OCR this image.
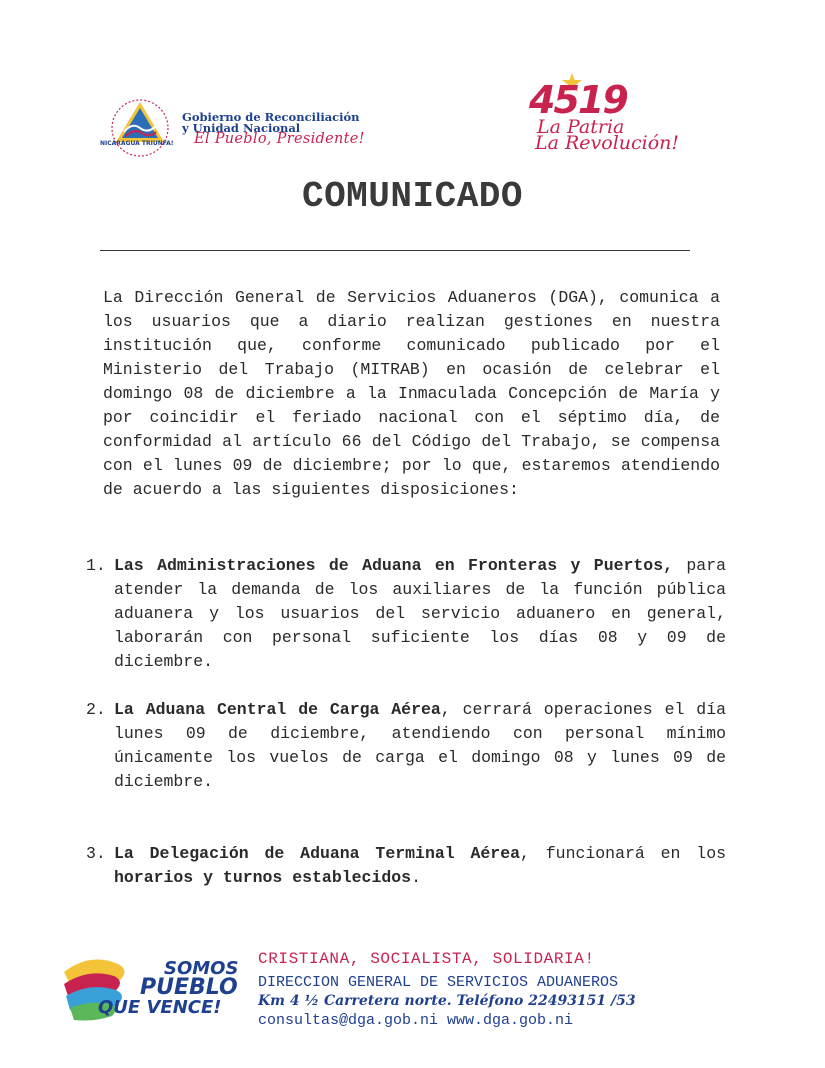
NICARAGUA TRIUNFA!
Gobierno de Reconciliación
y Unidad Nacional
El Pueblo, Presidente!
4519
La Patria
La Revolución!
COMUNICADO
La Dirección General de Servicios Aduaneros (DGA), comunica a los usuarios que a diario realizan gestiones en nuestra institución que, conforme comunicado publicado por el Ministerio del Trabajo (MITRAB) en ocasión de celebrar el domingo 08 de diciembre a la Inmaculada Concepción de María y por coincidir el feriado nacional con el séptimo día, de conformidad al artículo 66 del Código del Trabajo, se compensa con el lunes 09 de diciembre; por lo que, estaremos atendiendo de acuerdo a las siguientes disposiciones:
1. Las Administraciones de Aduana en Fronteras y Puertos, para atender la demanda de los auxiliares de la función pública aduanera y los usuarios del servicio aduanero en general, laborarán con personal suficiente los días 08 y 09 de diciembre.
2. La Aduana Central de Carga Aérea, cerrará operaciones el día lunes 09 de diciembre, atendiendo con personal mínimo únicamente los vuelos de carga el domingo 08 y lunes 09 de diciembre.
3. La Delegación de Aduana Terminal Aérea, funcionará en los horarios y turnos establecidos.
SOMOS
PUEBLO
QUE VENCE!
CRISTIANA, SOCIALISTA, SOLIDARIA!
DIRECCION GENERAL DE SERVICIOS ADUANEROS
Km 4 ½ Carretera norte. Teléfono 22493151 /53
consultas@dga.gob.ni www.dga.gob.ni
